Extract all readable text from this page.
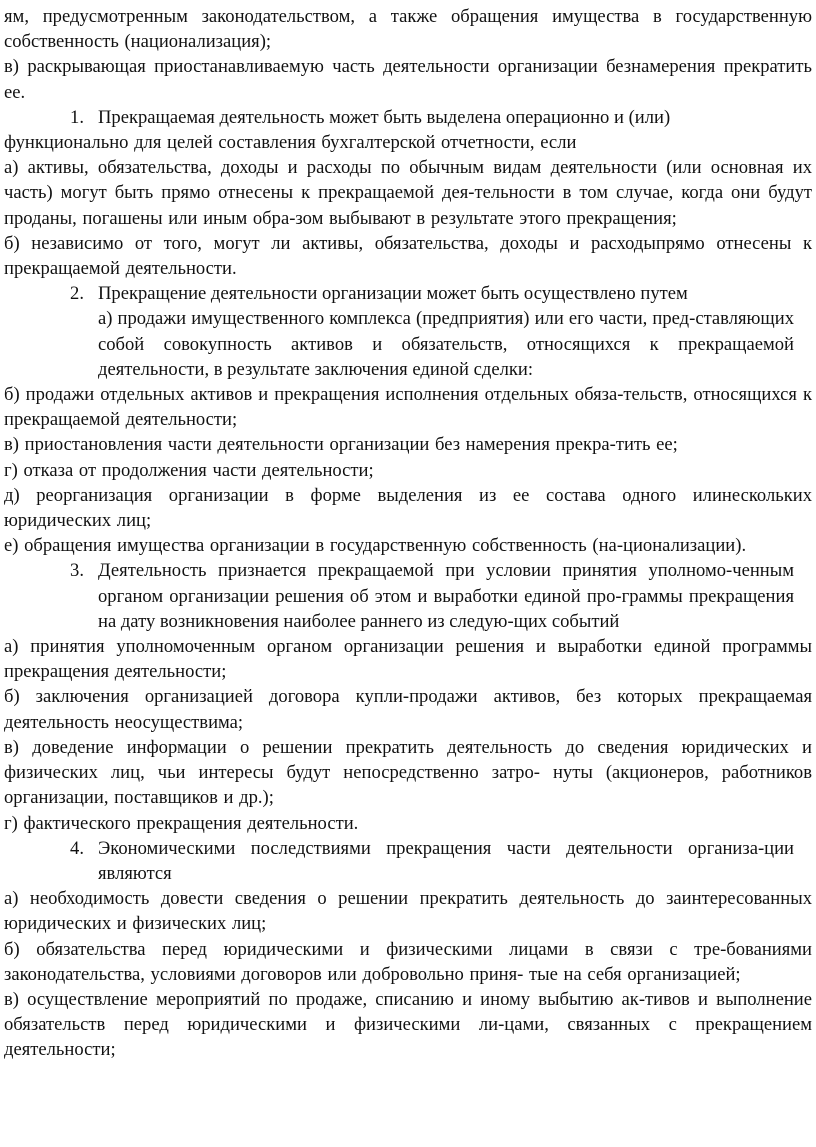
ям, предусмотренным законодательством, а также обращения имущества в государственную собственность (национализация);

в) раскрывающая приостанавливаемую часть деятельности организации безнамерения прекратить ее.

1. Прекращаемая деятельность может быть выделена операционно и (или)

функционально для целей составления бухгалтерской отчетности, если

а) активы, обязательства, доходы и расходы по обычным видам деятельности (или основная их часть) могут быть прямо отнесены к прекращаемой дея-тельности в том случае, когда они будут проданы, погашены или иным обра-зом выбывают в результате этого прекращения;

б) независимо от того, могут ли активы, обязательства, доходы и расходыпрямо отнесены к прекращаемой деятельности.

2. Прекращение деятельности организации может быть осуществлено путем

а) продажи имущественного комплекса (предприятия) или его части, пред-ставляющих собой совокупность активов и обязательств, относящихся к прекращаемой деятельности, в результате заключения единой сделки:

б) продажи отдельных активов и прекращения исполнения отдельных обяза-тельств, относящихся к прекращаемой деятельности;

в) приостановления части деятельности организации без намерения прекра-тить ее;

г) отказа от продолжения части деятельности;

д) реорганизация организации в форме выделения из ее состава одного илинескольких юридических лиц;

е) обращения имущества организации в государственную собственность (на-ционализации).

3. Деятельность признается прекращаемой при условии принятия уполномо-ченным органом организации решения об этом и выработки единой про-граммы прекращения на дату возникновения наиболее раннего из следую-щих событий

а) принятия уполномоченным органом организации решения и выработки единой программы прекращения деятельности;

б) заключения организацией договора купли-продажи активов, без которых прекращаемая деятельность неосуществима;

в) доведение информации о решении прекратить деятельность до сведения юридических и физических лиц, чьи интересы будут непосредственно затро- нуты (акционеров, работников организации, поставщиков и др.);

г) фактического прекращения деятельности.

4. Экономическими последствиями прекращения части деятельности организа-ции являются

а) необходимость довести сведения о решении прекратить деятельность до заинтересованных юридических и физических лиц;

б) обязательства перед юридическими и физическими лицами в связи с тре-бованиями законодательства, условиями договоров или добровольно приня- тые на себя организацией;

в) осуществление мероприятий по продаже, списанию и иному выбытию ак-тивов и выполнение обязательств перед юридическими и физическими ли-цами, связанных с прекращением деятельности;
